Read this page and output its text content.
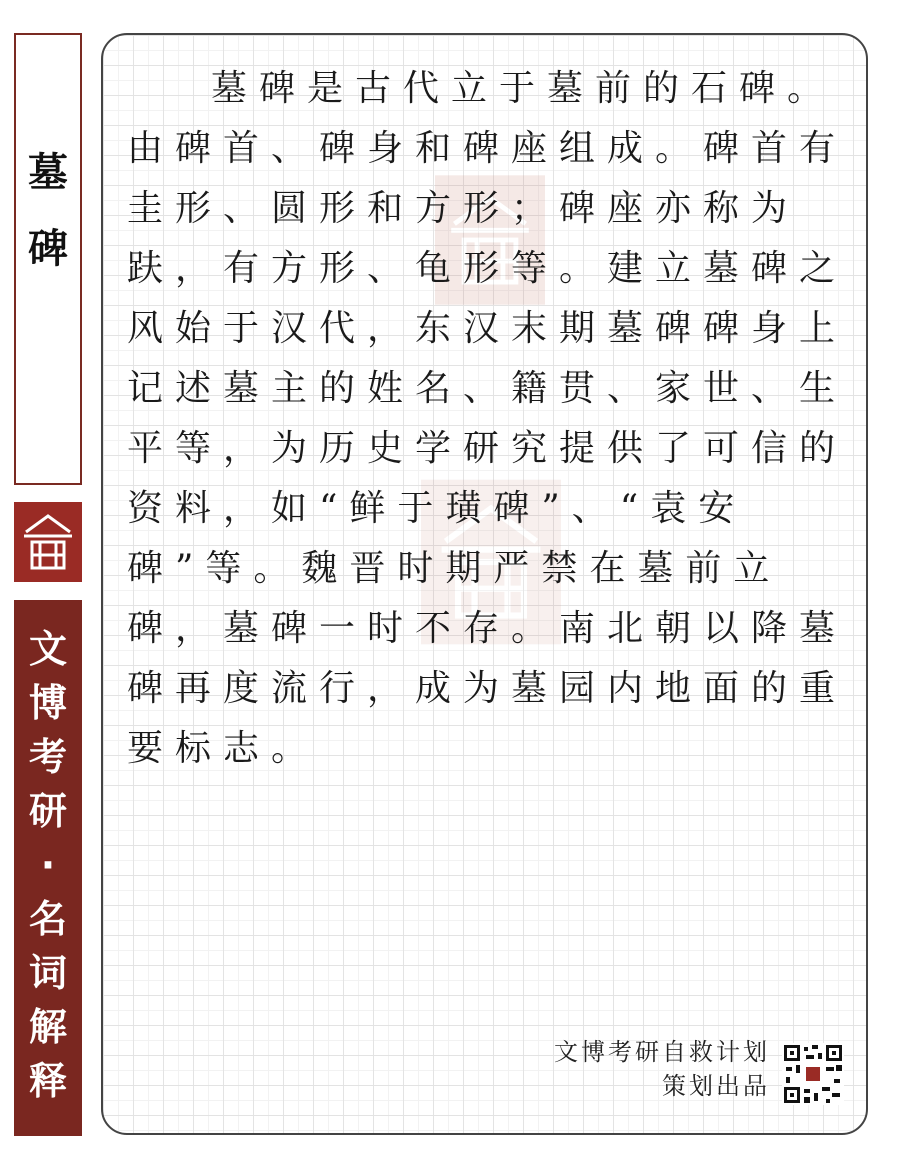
墓
碑
文
博
考
研
·
名
词
解
释

墓碑是古代立于墓前的石碑。由碑首、碑身和碑座组成。碑首有圭形、圆形和方形；碑座亦称为趺，有方形、龟形等。建立墓碑之风始于汉代，东汉末期墓碑碑身上记述墓主的姓名、籍贯、家世、生平等，为历史学研究提供了可信的资料，如“鲜于璜碑”、“袁安碑”等。魏晋时期严禁在墓前立碑，墓碑一时不存。南北朝以降墓碑再度流行，成为墓园内地面的重要标志。

文博考研自救计划
策划出品
